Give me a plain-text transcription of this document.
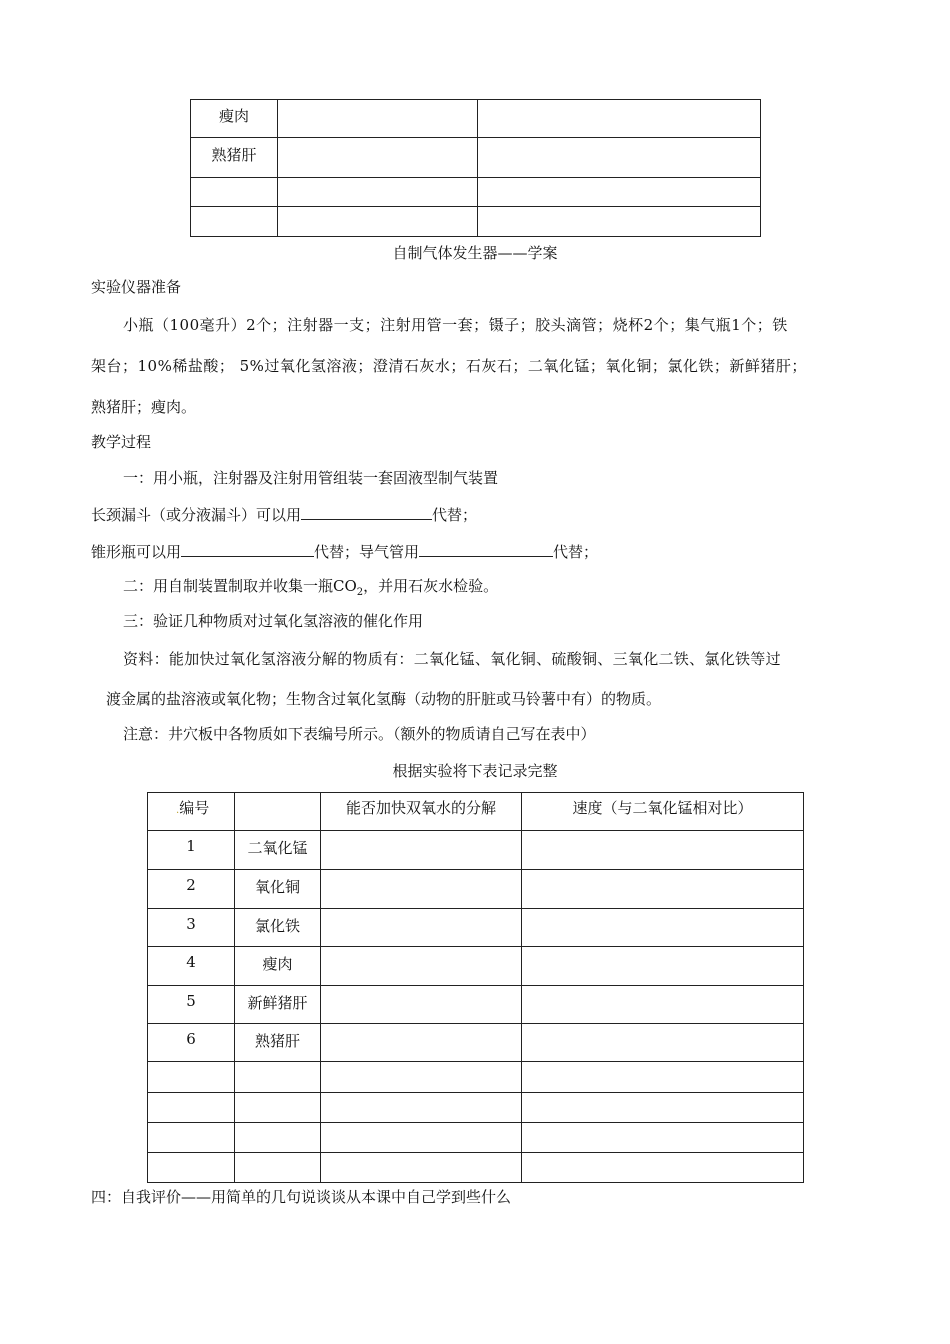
瘦肉		
熟猪肝		

自制气体发生器——学案
实验仪器准备
小瓶（100毫升）2个；注射器一支；注射用管一套；镊子；胶头滴管；烧杯2个；集气瓶1个；铁
架台；10%稀盐酸； 5%过氧化氢溶液；澄清石灰水；石灰石；二氧化锰；氧化铜；氯化铁；新鲜猪肝；
熟猪肝；瘦肉。
教学过程
一：用小瓶，注射器及注射用管组装一套固液型制气装置
长颈漏斗（或分液漏斗）可以用	代替；
锥形瓶可以用	代替；导气管用	代替；
二：用自制装置制取并收集一瓶$CO_2$，并用石灰水检验。
三：验证几种物质对过氧化氢溶液的催化作用
资料：能加快过氧化氢溶液分解的物质有：二氧化锰、氧化铜、硫酸铜、三氧化二铁、氯化铁等过
渡金属的盐溶液或氧化物；生物含过氧化氢酶（动物的肝脏或马铃薯中有）的物质。
注意：井穴板中各物质如下表编号所示。（额外的物质请自己写在表中）
根据实验将下表记录完整
.编号		能否加快双氧水的分解	速度（与二氧化锰相对比）
1	二氧化锰		
2	氧化铜		
3	氯化铁		
4	瘦肉		
5	新鲜猪肝		
6	熟猪肝		

四：自我评价——用简单的几句说谈谈从本课中自己学到些什么
